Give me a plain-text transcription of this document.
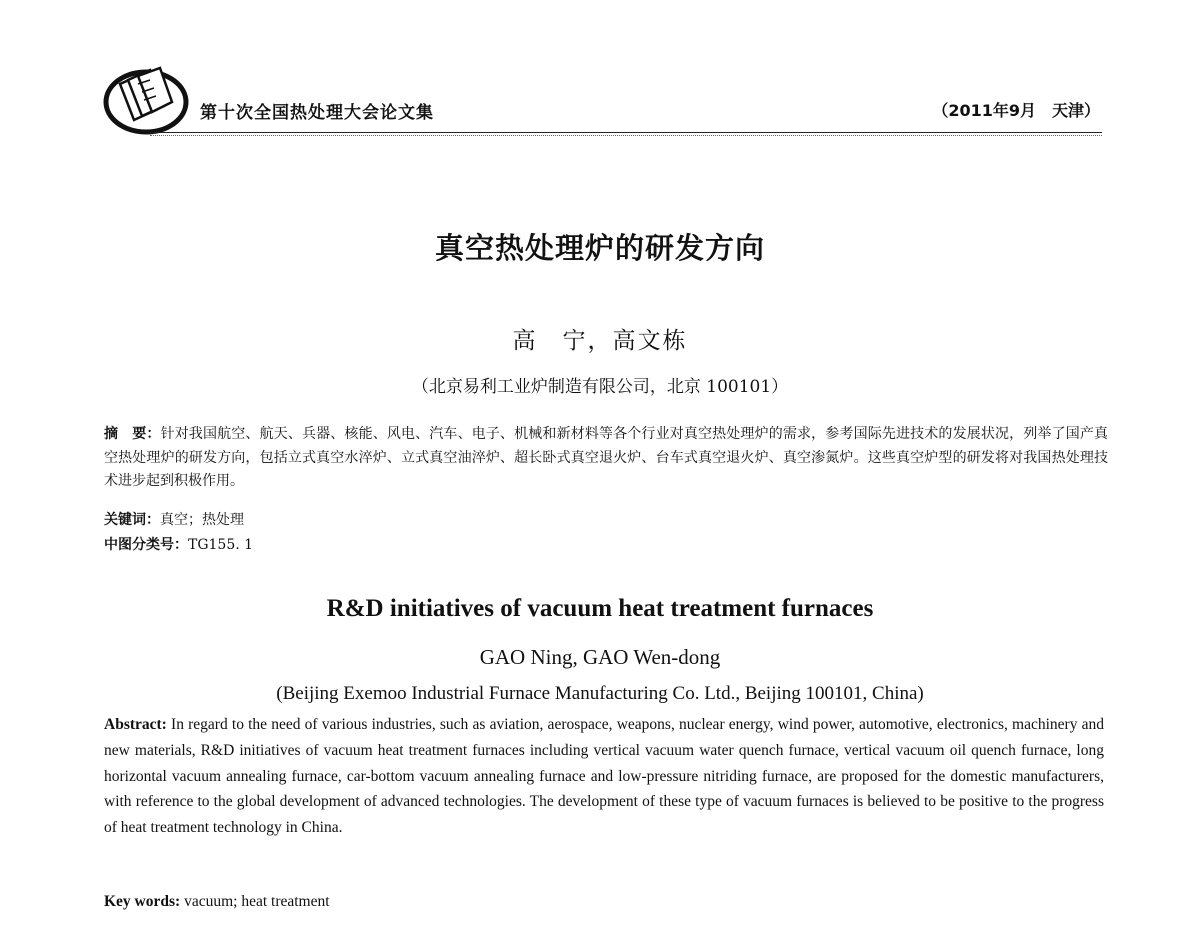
第十次全国热处理大会论文集	（2011年9月　天津）
真空热处理炉的研发方向
高　宁，高文栋
（北京易利工业炉制造有限公司，北京 100101）
摘　要：针对我国航空、航天、兵器、核能、风电、汽车、电子、机械和新材料等各个行业对真空热处理炉的需求，参考国际先进技术的发展状况，列举了国产真空热处理炉的研发方向，包括立式真空水淬炉、立式真空油淬炉、超长卧式真空退火炉、台车式真空退火炉、真空渗氮炉。这些真空炉型的研发将对我国热处理技术进步起到积极作用。
关键词：真空；热处理
中图分类号：TG155. 1
R&D initiatives of vacuum heat treatment furnaces
GAO Ning, GAO Wen-dong
(Beijing Exemoo Industrial Furnace Manufacturing Co. Ltd., Beijing 100101, China)
Abstract: In regard to the need of various industries, such as aviation, aerospace, weapons, nuclear energy, wind power, automotive, electronics, machinery and new materials, R&D initiatives of vacuum heat treatment furnaces including vertical vacuum water quench furnace, vertical vacuum oil quench furnace, long horizontal vacuum annealing furnace, car-bottom vacuum annealing furnace and low-pressure nitriding furnace, are proposed for the domestic manufacturers, with reference to the global development of advanced technologies. The development of these type of vacuum furnaces is believed to be positive to the progress of heat treatment technology in China.
Key words: vacuum; heat treatment
